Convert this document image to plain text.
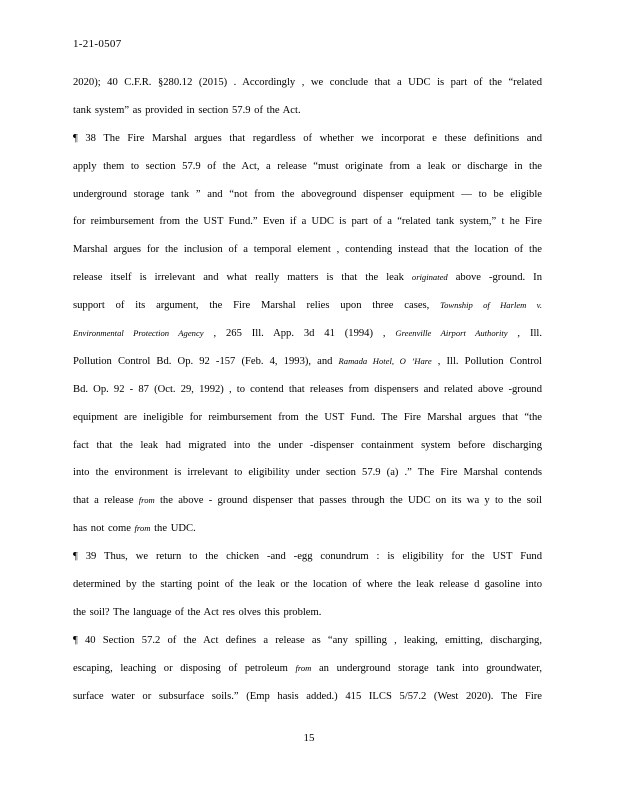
1-21-0507
2020); 40 C.F.R. §280.12 (2015) . Accordingly , we conclude that a UDC is part of the “related
tank system” as provided in section 57.9 of the Act.
¶ 38 The Fire Marshal argues that regardless of whether we incorporat e these definitions and
apply them to section 57.9 of the Act, a release “must originate from a leak or discharge in the
underground storage tank ” and “not from the aboveground dispenser equipment — to be eligible
for reimbursement from the UST Fund.” Even if a UDC is part of a “related tank system,” t he Fire
Marshal argues for the inclusion of a temporal element , contending instead that the location of the
release itself is irrelevant and what really matters is that the leak originated above -ground. In
support of its argument, the Fire Marshal relies upon three cases, Township of Harlem v.
Environmental Protection Agency , 265 Ill. App. 3d 41 (1994) , Greenville Airport Authority , Ill.
Pollution Control Bd. Op. 92 -157 (Feb. 4, 1993), and Ramada Hotel, O ’Hare , Ill. Pollution Control
Bd. Op. 92 - 87 (Oct. 29, 1992) , to contend that releases from dispensers and related above -ground
equipment are ineligible for reimbursement from the UST Fund. The Fire Marshal argues that “the
fact that the leak had migrated into the under -dispenser containment system before discharging
into the environment is irrelevant to eligibility under section 57.9 (a) .” The Fire Marshal contends
that a release from the above - ground dispenser that passes through the UDC on its wa y to the soil
has not come from the UDC.
¶ 39 Thus, we return to the chicken -and -egg conundrum : is eligibility for the UST Fund
determined by the starting point of the leak or the location of where the leak release d gasoline into
the soil? The language of the Act res olves this problem.
¶ 40 Section 57.2 of the Act defines a release as “any spilling , leaking, emitting, discharging,
escaping, leaching or disposing of petroleum from an underground storage tank into groundwater,
surface water or subsurface soils.” (Emp hasis added.) 415 ILCS 5/57.2 (West 2020). The Fire
15
